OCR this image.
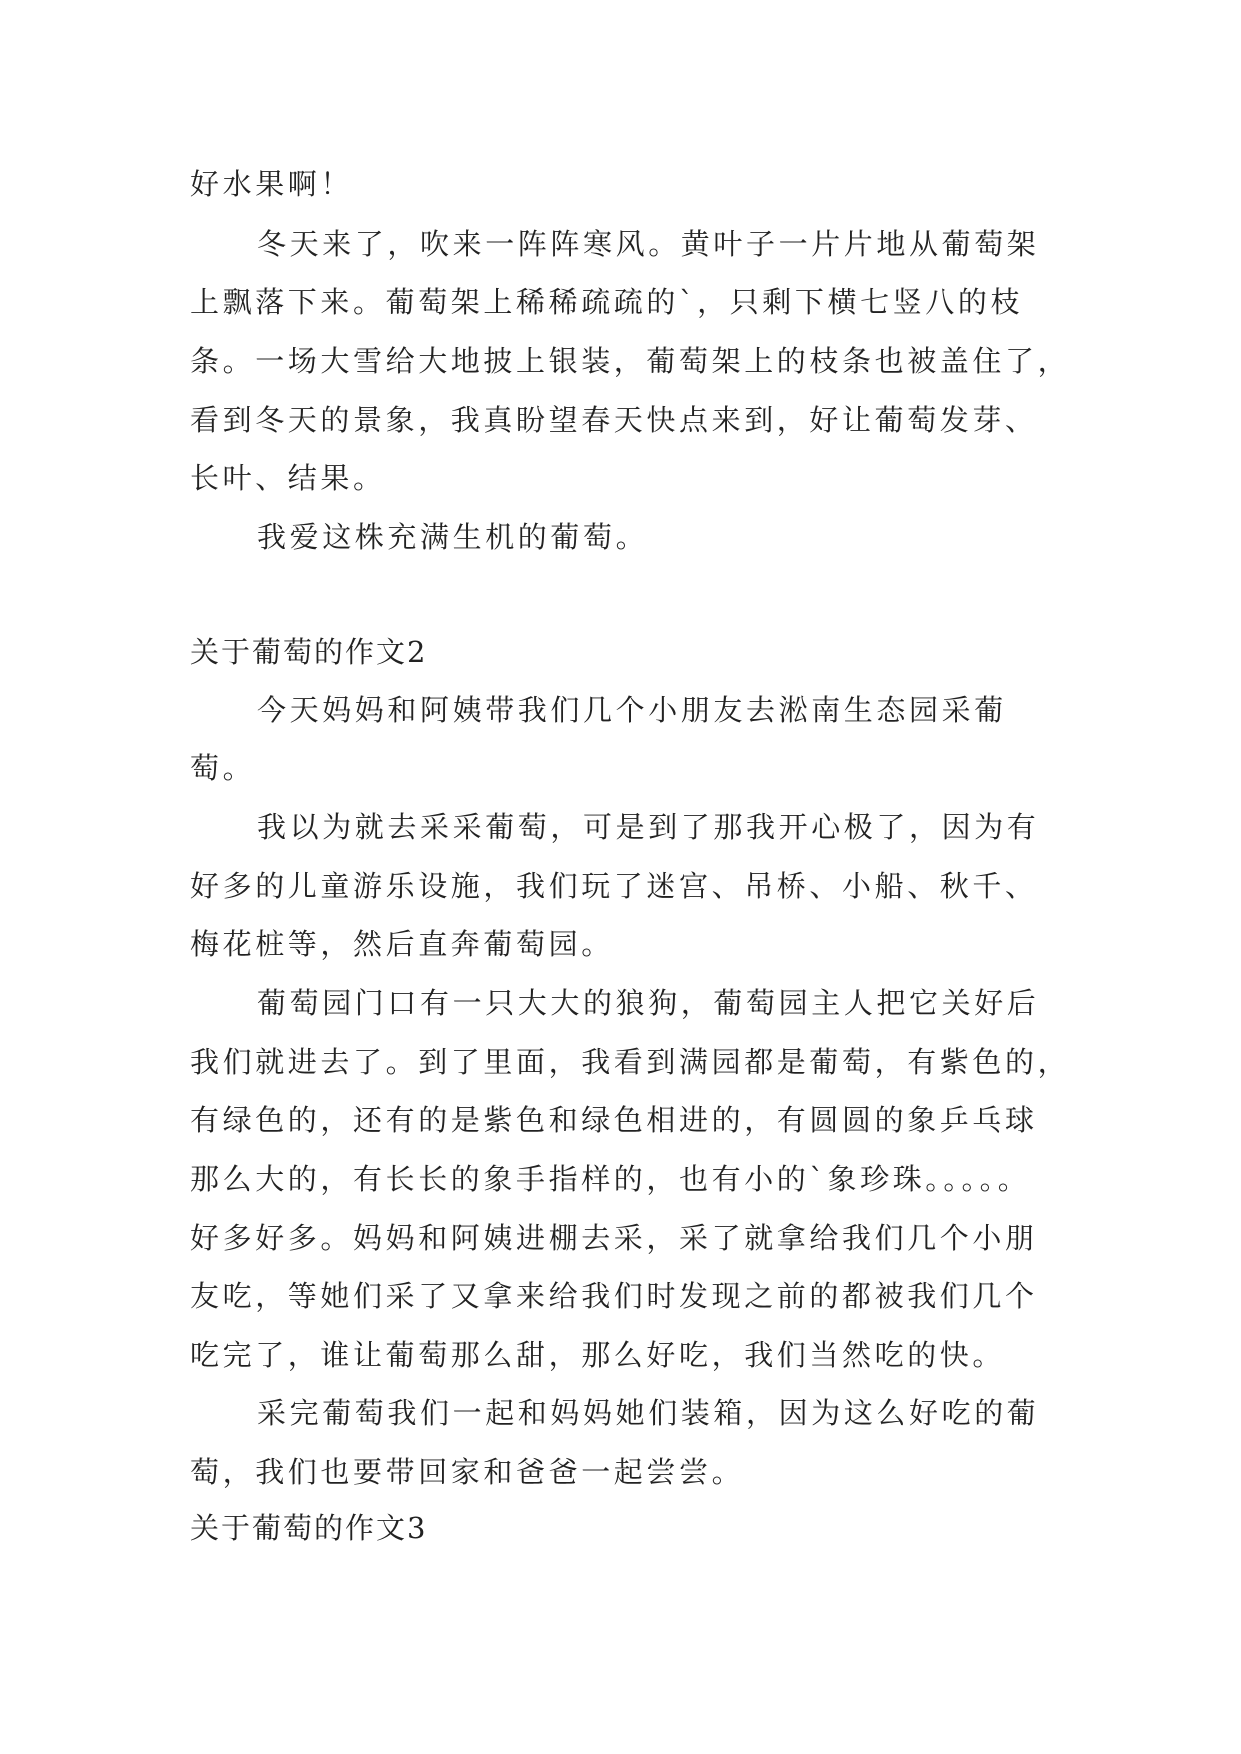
好水果啊！
冬天来了，吹来一阵阵寒风。黄叶子一片片地从葡萄架
上飘落下来。葡萄架上稀稀疏疏的`，只剩下横七竖八的枝
条。一场大雪给大地披上银装，葡萄架上的枝条也被盖住了，
看到冬天的景象，我真盼望春天快点来到，好让葡萄发芽、
长叶、结果。
我爱这株充满生机的葡萄。
关于葡萄的作文2
今天妈妈和阿姨带我们几个小朋友去淞南生态园采葡
萄。
我以为就去采采葡萄，可是到了那我开心极了，因为有
好多的儿童游乐设施，我们玩了迷宫、吊桥、小船、秋千、
梅花桩等，然后直奔葡萄园。
葡萄园门口有一只大大的狼狗，葡萄园主人把它关好后
我们就进去了。到了里面，我看到满园都是葡萄，有紫色的，
有绿色的，还有的是紫色和绿色相进的，有圆圆的象乒乓球
那么大的，有长长的象手指样的，也有小的`象珍珠。。。。。
好多好多。妈妈和阿姨进棚去采，采了就拿给我们几个小朋
友吃，等她们采了又拿来给我们时发现之前的都被我们几个
吃完了，谁让葡萄那么甜，那么好吃，我们当然吃的快。
采完葡萄我们一起和妈妈她们装箱，因为这么好吃的葡
萄，我们也要带回家和爸爸一起尝尝。
关于葡萄的作文3
